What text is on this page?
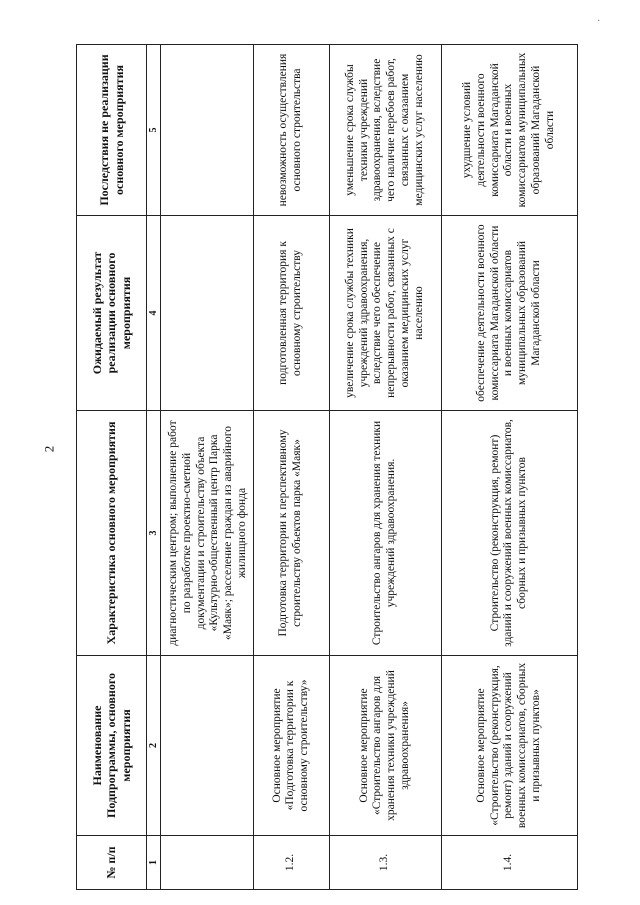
·
2
№ п/п	Наименование Подпрограммы, основного мероприятия	Характеристика основного мероприятия	Ожидаемый результат реализации основного мероприятия	Последствия не реализации основного мероприятия
1	2	3	4	5
		диагностическим центром; выполнение работ по разработке проектно-сметной документации и строительству объекта «Культурно-общественный центр Парка «Маяк»; расселение граждан из аварийного жилищного фонда		
1.2.	Основное мероприятие «Подготовка территории к основному строительству»	Подготовка территории к перспективному строительству объектов парка «Маяк»	подготовленная территория к основному строительству	невозможность осуществления основного строительства
1.3.	Основное мероприятие «Строительство ангаров для хранения техники учреждений здравоохранения»	Строительство ангаров для хранения техники учреждений здравоохранения.	увеличение срока службы техники учреждений здравоохранения, вследствие чего обеспечение непрерывности работ, связанных с оказанием медицинских услуг населению	уменьшение срока службы техники учреждений здравоохранения, вследствие чего наличие перебоев работ, связанных с оказанием медицинских услуг населению
1.4.	Основное мероприятие «Строительство (реконструкция, ремонт) зданий и сооружений военных комиссариатов, сборных и призывных пунктов»	Строительство (реконструкция, ремонт) зданий и сооружений военных комиссариатов, сборных и призывных пунктов	обеспечение деятельности военного комиссариата Магаданской области и военных комиссариатов муниципальных образований Магаданской области	ухудшение условий деятельности военного комиссариата Магаданской области и военных комиссариатов муниципальных образований Магаданской области
